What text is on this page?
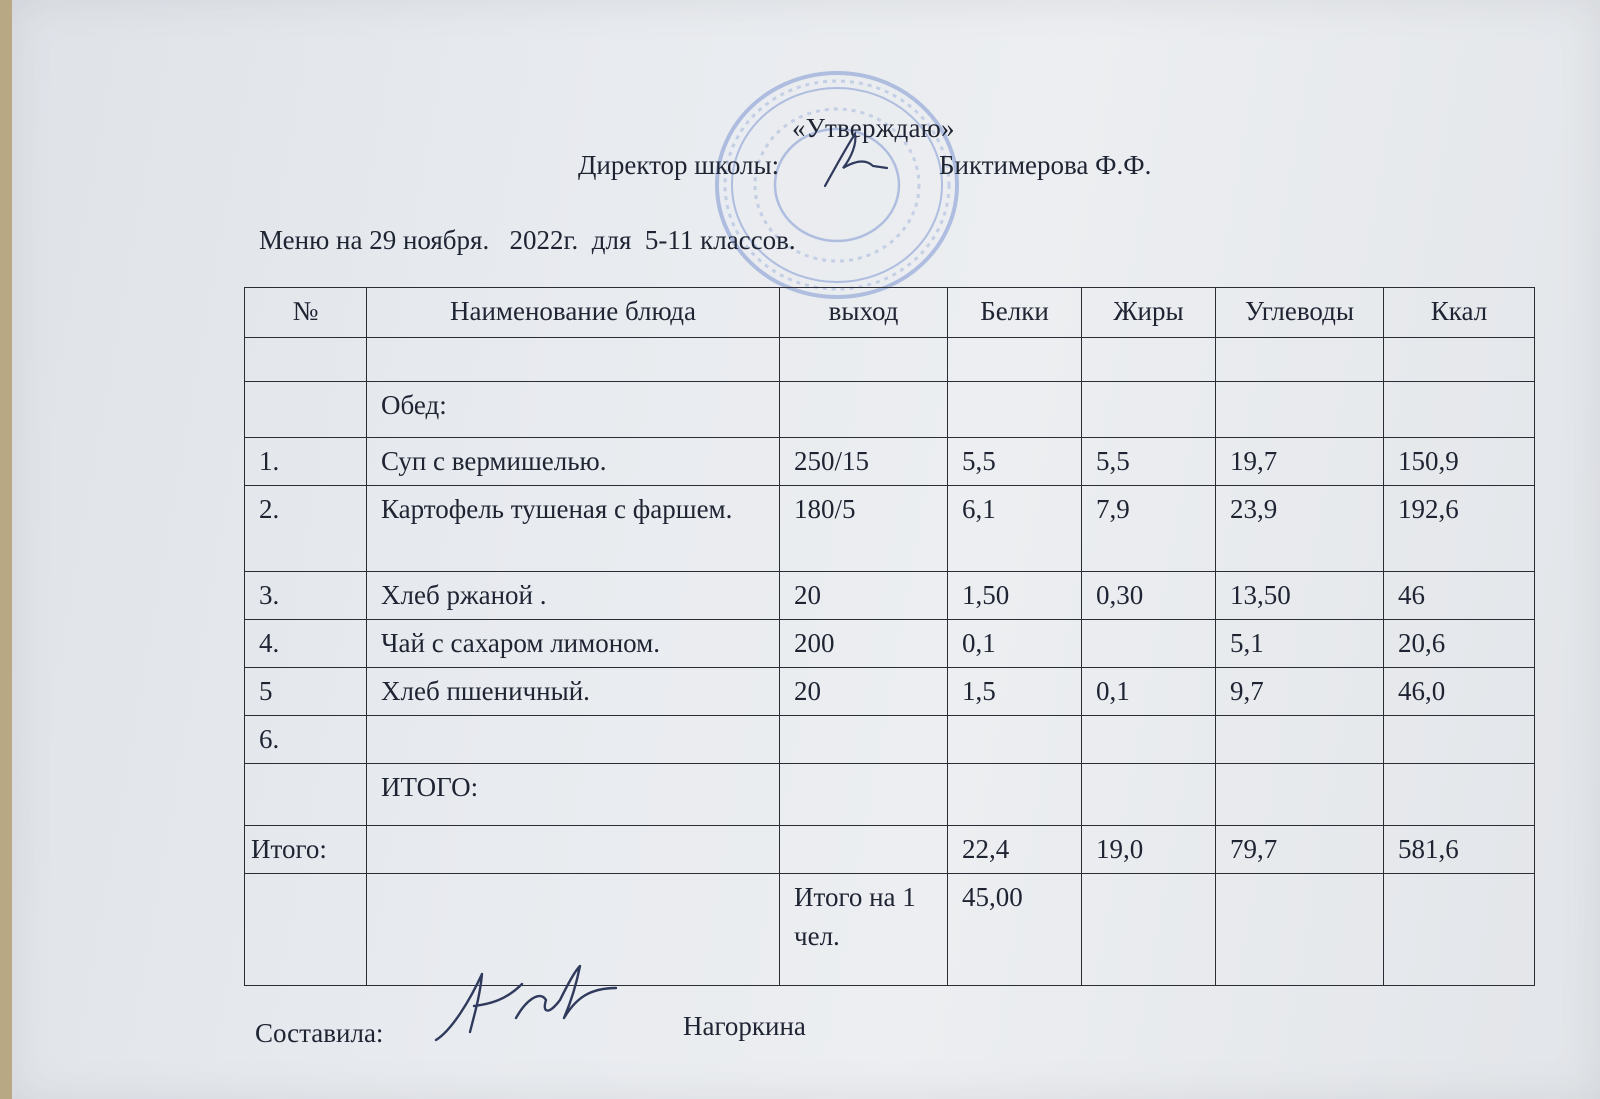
«Утверждаю»
Директор школы:	Биктимерова Ф.Ф.
Меню на 29 ноября.   2022г.  для  5-11 классов.
№	Наименование блюда	выход	Белки	Жиры	Углеводы	Ккал

	Обед:					
1.	Суп с вермишелью.	250/15	5,5	5,5	19,7	150,9
2.	Картофель тушеная с фаршем.	180/5	6,1	7,9	23,9	192,6
3.	Хлеб ржаной .	20	1,50	0,30	13,50	46
4.	Чай с сахаром лимоном.	200	0,1		5,1	20,6
5	Хлеб пшеничный.	20	1,5	0,1	9,7	46,0
6.						
	ИТОГО:					
Итого:			22,4	19,0	79,7	581,6
		Итого на 1 чел.	45,00			
Составила:	Нагоркина
